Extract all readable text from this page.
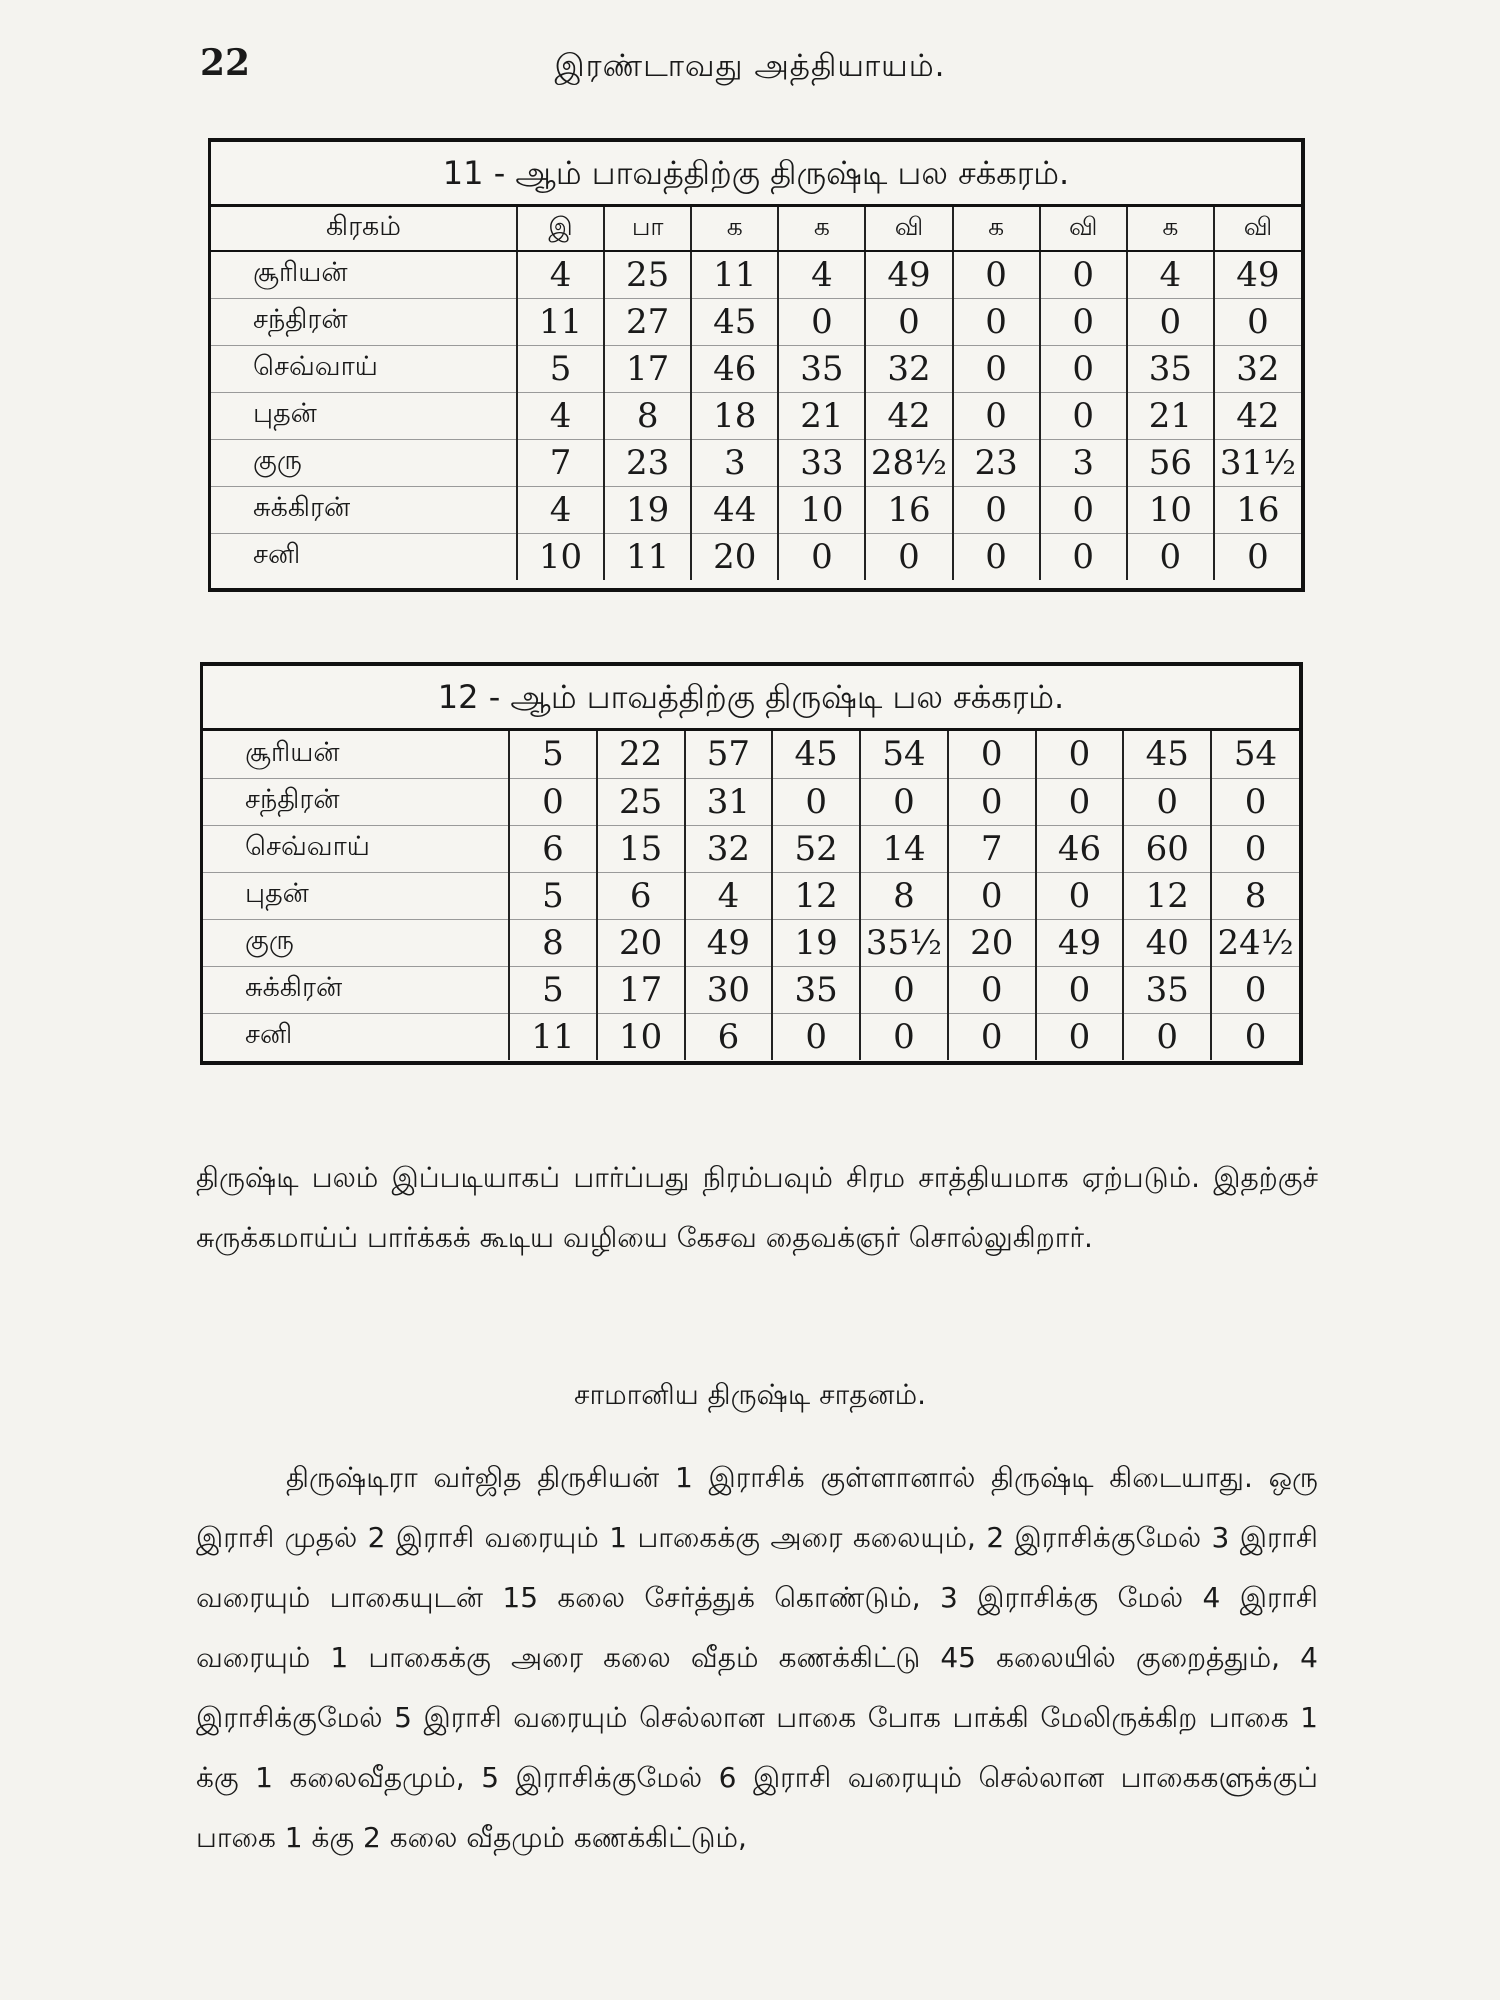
22	இரண்டாவது அத்தியாயம்.
11 - ஆம் பாவத்திற்கு திருஷ்டி பல சக்கரம்.
கிரகம்	இ	பா	க	க	வி	க	வி	க	வி
சூரியன்	4	25	11	4	49	0	0	4	49
சந்திரன்	11	27	45	0	0	0	0	0	0
செவ்வாய்	5	17	46	35	32	0	0	35	32
புதன்	4	8	18	21	42	0	0	21	42
குரு	7	23	3	33	28½	23	3	56	31½
சுக்கிரன்	4	19	44	10	16	0	0	10	16
சனி	10	11	20	0	0	0	0	0	0
12 - ஆம் பாவத்திற்கு திருஷ்டி பல சக்கரம்.
சூரியன்	5	22	57	45	54	0	0	45	54
சந்திரன்	0	25	31	0	0	0	0	0	0
செவ்வாய்	6	15	32	52	14	7	46	60	0
புதன்	5	6	4	12	8	0	0	12	8
குரு	8	20	49	19	35½	20	49	40	24½
சுக்கிரன்	5	17	30	35	0	0	0	35	0
சனி	11	10	6	0	0	0	0	0	0

திருஷ்டி பலம் இப்படியாகப் பார்ப்பது நிரம்பவும் சிரம சாத்தியமாக ஏற்படும். இதற்குச் சுருக்கமாய்ப் பார்க்கக் கூடிய வழியை கேசவ தைவக்ஞர் சொல்லுகிறார்.

சாமானிய திருஷ்டி சாதனம்.

திருஷ்டிரா வர்ஜித திருசியன் 1 இராசிக் குள்ளானால் திருஷ்டி கிடையாது. ஒரு இராசி முதல் 2 இராசி வரையும் 1 பாகைக்கு அரை கலையும், 2 இராசிக்குமேல் 3 இராசி வரையும் பாகையுடன் 15 கலை சேர்த்துக் கொண்டும், 3 இராசிக்கு மேல் 4 இராசி வரையும் 1 பாகைக்கு அரை கலை வீதம் கணக்கிட்டு 45 கலையில் குறைத்தும், 4 இராசிக்குமேல் 5 இராசி வரையும் செல்லான பாகை போக பாக்கி மேலிருக்கிற பாகை 1 க்கு 1 கலைவீதமும், 5 இராசிக்குமேல் 6 இராசி வரையும் செல்லான பாகைகளுக்குப் பாகை 1 க்கு 2 கலை வீதமும் கணக்கிட்டும்,
